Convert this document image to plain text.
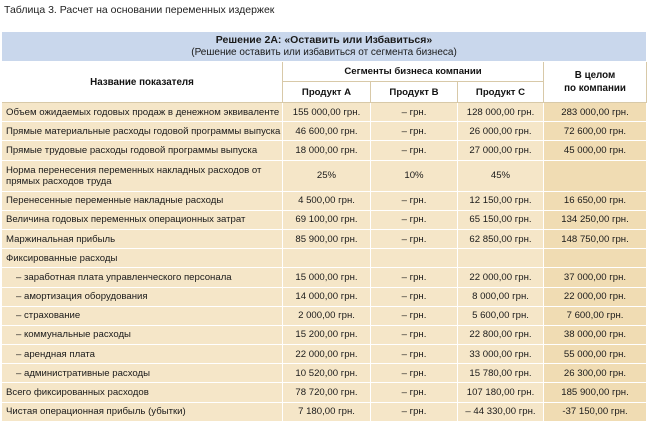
Таблица 3. Расчет на основании переменных издержек
Решение 2А: «Оставить или Избавиться»
(Решение оставить или избавиться от сегмента бизнеса)				

Название показателя	Сегменты бизнеса компании			В целом
по компании
	Продукт А	Продукт В	Продукт С	
Объем ожидаемых годовых продаж в денежном эквиваленте	155 000,00 грн.	– грн.	128 000,00 грн.	283 000,00 грн.
Прямые материальные расходы годовой программы выпуска	46 600,00 грн.	– грн.	26 000,00 грн.	72 600,00 грн.
Прямые трудовые расходы годовой программы выпуска	18 000,00 грн.	– грн.	27 000,00 грн.	45 000,00 грн.
Норма перенесения переменных накладных расходов от прямых расходов труда	25%	10%	45%	
Перенесенные переменные накладные расходы	4 500,00 грн.	– грн.	12 150,00 грн.	16 650,00 грн.
Величина годовых переменных операционных затрат	69 100,00 грн.	– грн.	65 150,00 грн.	134 250,00 грн.
Маржинальная прибыль	85 900,00 грн.	– грн.	62 850,00 грн.	148 750,00 грн.
Фиксированные расходы				
– заработная плата управленческого персонала	15 000,00 грн.	– грн.	22 000,00 грн.	37 000,00 грн.
– амортизация оборудования	14 000,00 грн.	– грн.	8 000,00 грн.	22 000,00 грн.
– страхование	2 000,00 грн.	– грн.	5 600,00 грн.	7 600,00 грн.
– коммунальные расходы	15 200,00 грн.	– грн.	22 800,00 грн.	38 000,00 грн.
– арендная плата	22 000,00 грн.	– грн.	33 000,00 грн.	55 000,00 грн.
– административные расходы	10 520,00 грн.	– грн.	15 780,00 грн.	26 300,00 грн.
Всего фиксированных расходов	78 720,00 грн.	– грн.	107 180,00 грн.	185 900,00 грн.
Чистая операционная прибыль (убытки)	7 180,00 грн.	– грн.	– 44 330,00 грн.	-37 150,00 грн.
